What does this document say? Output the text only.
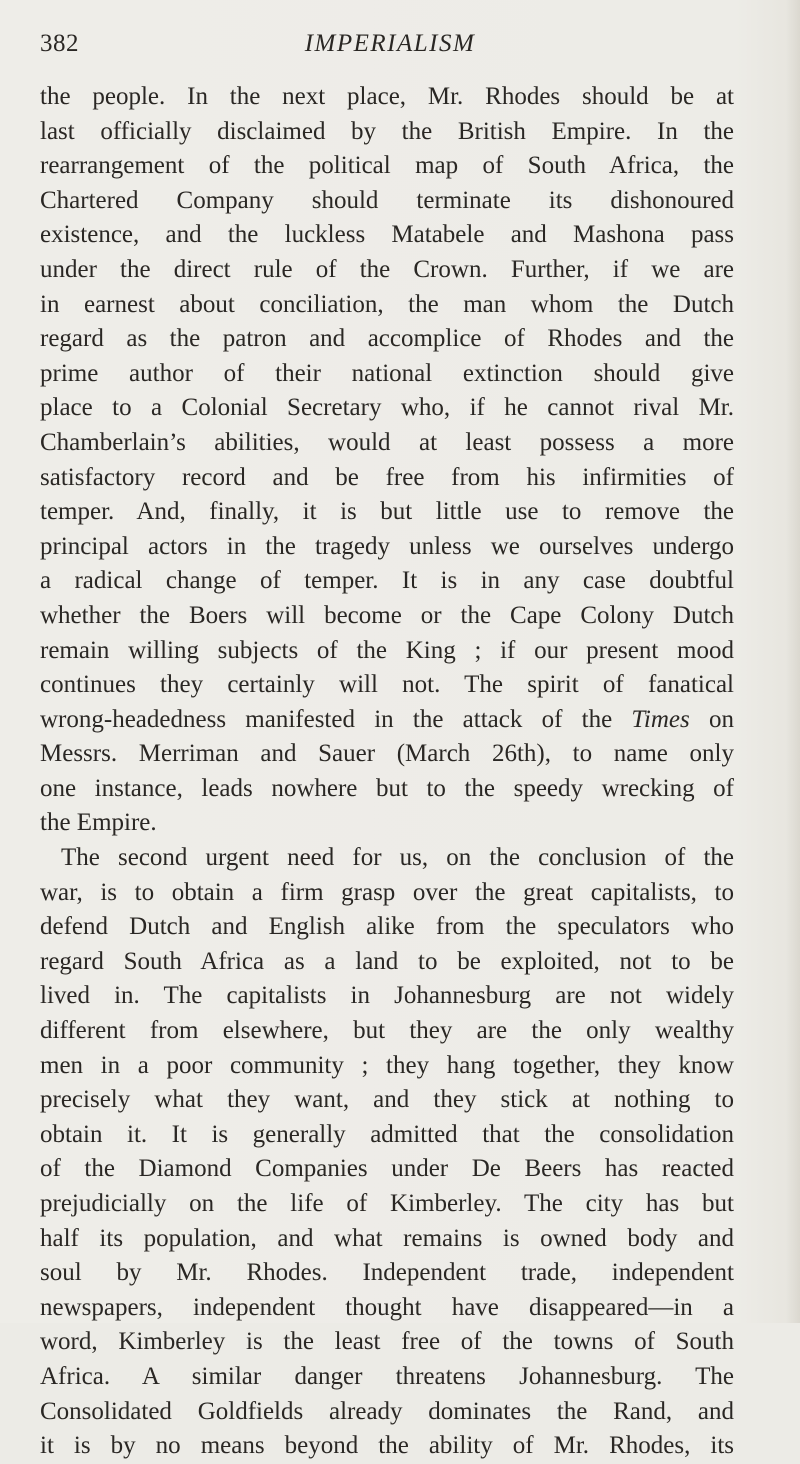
382	IMPERIALISM
the people. In the next place, Mr. Rhodes should be at
last officially disclaimed by the British Empire. In the
rearrangement of the political map of South Africa, the
Chartered Company should terminate its dishonoured
existence, and the luckless Matabele and Mashona pass
under the direct rule of the Crown. Further, if we are
in earnest about conciliation, the man whom the Dutch
regard as the patron and accomplice of Rhodes and the
prime author of their national extinction should give
place to a Colonial Secretary who, if he cannot rival Mr.
Chamberlain’s abilities, would at least possess a more
satisfactory record and be free from his infirmities of
temper. And, finally, it is but little use to remove the
principal actors in the tragedy unless we ourselves undergo
a radical change of temper. It is in any case doubtful
whether the Boers will become or the Cape Colony Dutch
remain willing subjects of the King ; if our present mood
continues they certainly will not. The spirit of fanatical
wrong-headedness manifested in the attack of the Times on
Messrs. Merriman and Sauer (March 26th), to name only
one instance, leads nowhere but to the speedy wrecking of
the Empire.
The second urgent need for us, on the conclusion of the
war, is to obtain a firm grasp over the great capitalists, to
defend Dutch and English alike from the speculators who
regard South Africa as a land to be exploited, not to be
lived in. The capitalists in Johannesburg are not widely
different from elsewhere, but they are the only wealthy
men in a poor community ; they hang together, they know
precisely what they want, and they stick at nothing to
obtain it. It is generally admitted that the consolidation
of the Diamond Companies under De Beers has reacted
prejudicially on the life of Kimberley. The city has but
half its population, and what remains is owned body and
soul by Mr. Rhodes. Independent trade, independent
newspapers, independent thought have disappeared—in a
word, Kimberley is the least free of the towns of South
Africa. A similar danger threatens Johannesburg. The
Consolidated Goldfields already dominates the Rand, and
it is by no means beyond the ability of Mr. Rhodes, its
